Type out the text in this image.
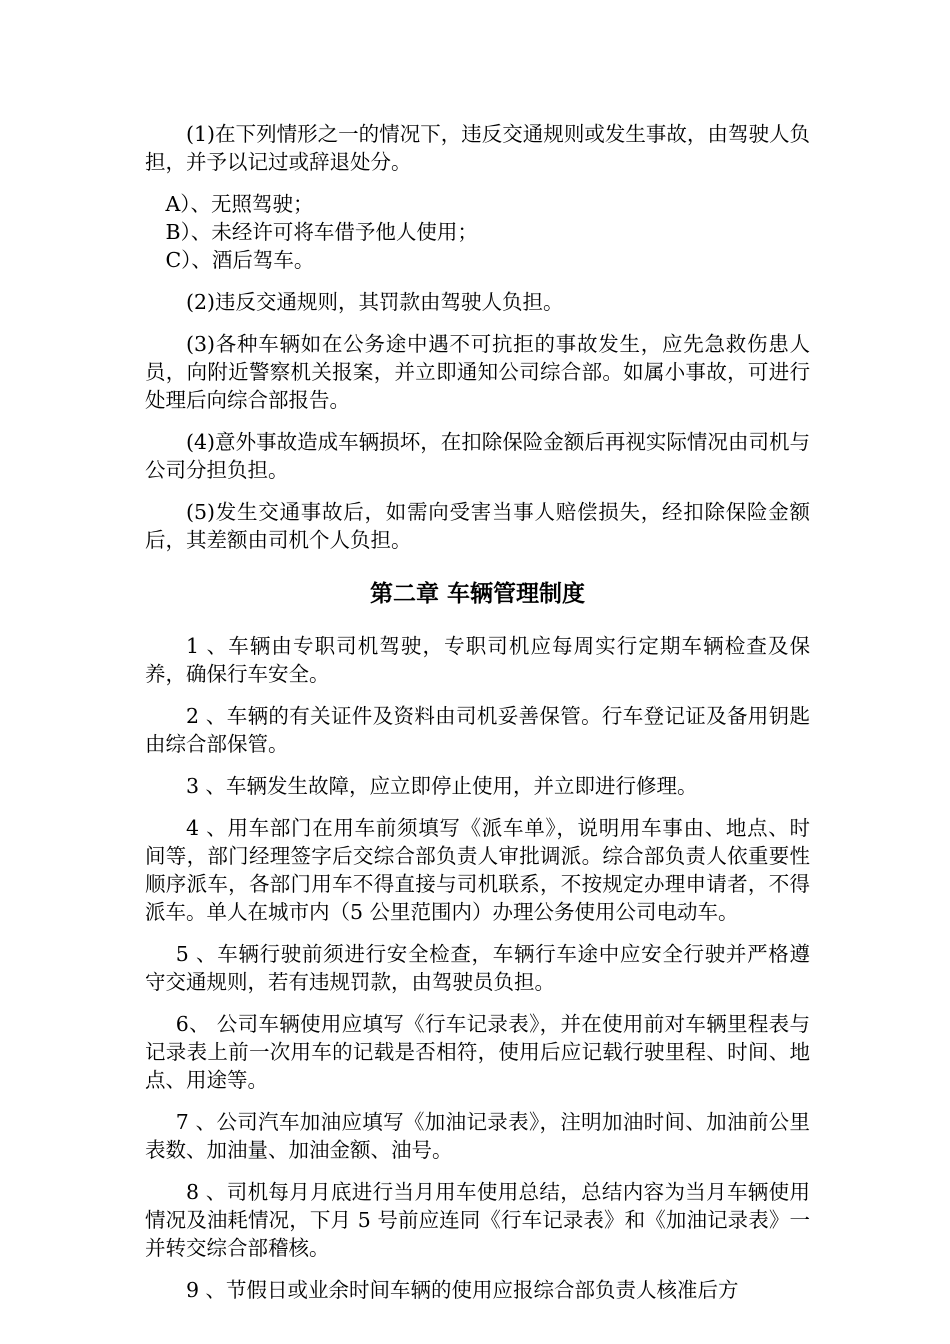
(1)在下列情形之一的情况下，违反交通规则或发生事故，由驾驶人负担，并予以记过或辞退处分。

A）、无照驾驶；

B）、未经许可将车借予他人使用；

C）、酒后驾车。

(2)违反交通规则，其罚款由驾驶人负担。

(3)各种车辆如在公务途中遇不可抗拒的事故发生，应先急救伤患人员，向附近警察机关报案，并立即通知公司综合部。如属小事故，可进行处理后向综合部报告。

(4)意外事故造成车辆损坏，在扣除保险金额后再视实际情况由司机与公司分担负担。

(5)发生交通事故后，如需向受害当事人赔偿损失，经扣除保险金额后，其差额由司机个人负担。

第二章 车辆管理制度

1 、车辆由专职司机驾驶，专职司机应每周实行定期车辆检查及保养，确保行车安全。

2 、车辆的有关证件及资料由司机妥善保管。行车登记证及备用钥匙由综合部保管。

3 、车辆发生故障，应立即停止使用，并立即进行修理。

4 、用车部门在用车前须填写《派车单》，说明用车事由、地点、时间等，部门经理签字后交综合部负责人审批调派。综合部负责人依重要性顺序派车，各部门用车不得直接与司机联系，不按规定办理申请者，不得派车。单人在城市内（5 公里范围内）办理公务使用公司电动车。

5 、车辆行驶前须进行安全检查，车辆行车途中应安全行驶并严格遵守交通规则，若有违规罚款，由驾驶员负担。

6、 公司车辆使用应填写《行车记录表》，并在使用前对车辆里程表与记录表上前一次用车的记载是否相符，使用后应记载行驶里程、时间、地点、用途等。

7 、公司汽车加油应填写《加油记录表》，注明加油时间、加油前公里表数、加油量、加油金额、油号。

8 、司机每月月底进行当月用车使用总结，总结内容为当月车辆使用情况及油耗情况，下月 5 号前应连同《行车记录表》和《加油记录表》一并转交综合部稽核。

9 、节假日或业余时间车辆的使用应报综合部负责人核准后方
